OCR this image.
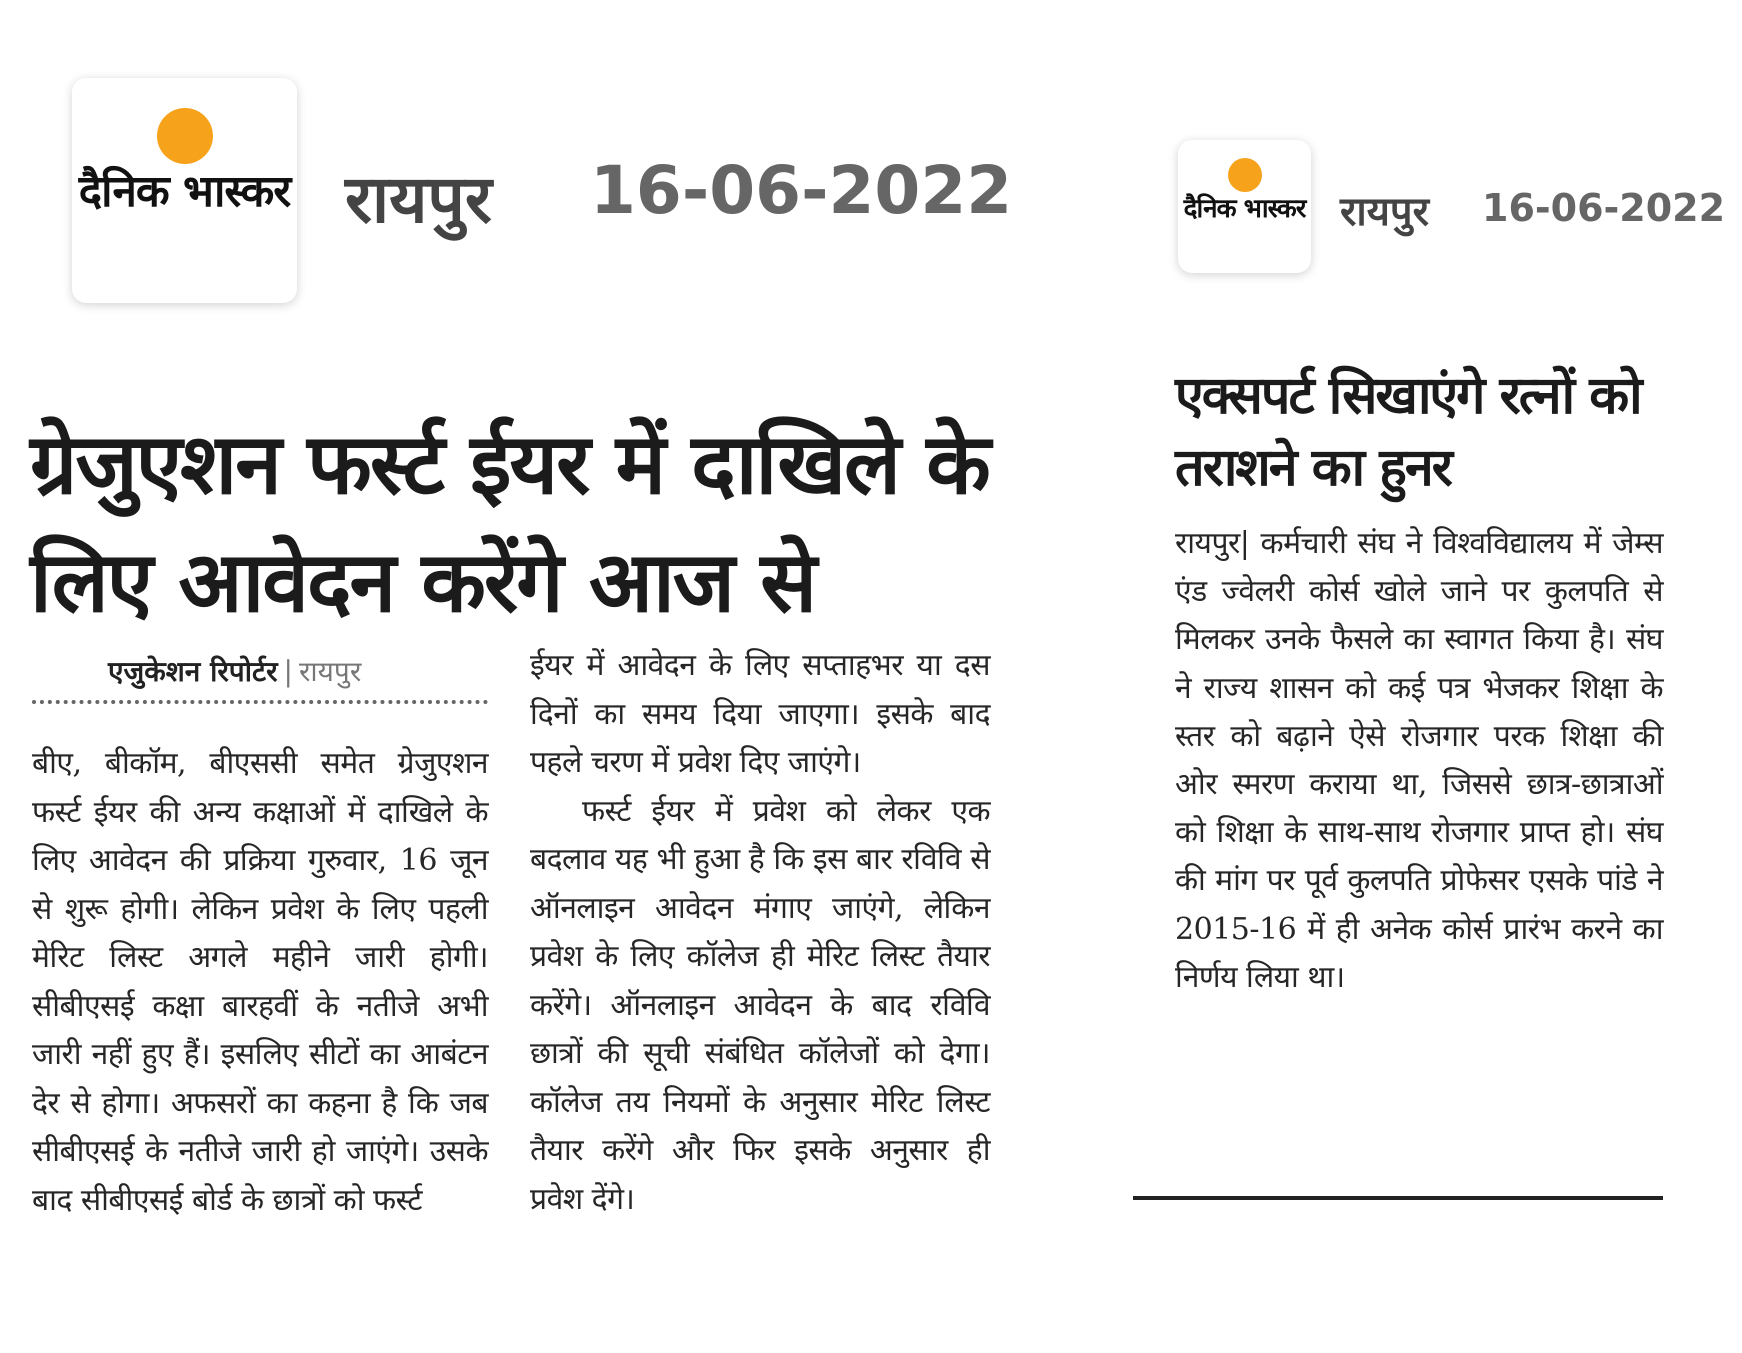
दैनिक भास्कर रायपुर 16-06-2022
ग्रेजुएशन फर्स्ट ईयर में दाखिले के लिए आवेदन करेंगे आज से
एजुकेशन रिपोर्टर | रायपुर

बीए, बीकॉम, बीएससी समेत ग्रेजुएशन फर्स्ट ईयर की अन्य कक्षाओं में दाखिले के लिए आवेदन की प्रक्रिया गुरुवार, 16 जून से शुरू होगी। लेकिन प्रवेश के लिए पहली मेरिट लिस्ट अगले महीने जारी होगी। सीबीएसई कक्षा बारहवीं के नतीजे अभी जारी नहीं हुए हैं। इसलिए सीटों का आबंटन देर से होगा। अफसरों का कहना है कि जब सीबीएसई के नतीजे जारी हो जाएंगे। उसके बाद सीबीएसई बोर्ड के छात्रों को फर्स्ट

ईयर में आवेदन के लिए सप्ताहभर या दस दिनों का समय दिया जाएगा। इसके बाद पहले चरण में प्रवेश दिए जाएंगे।

फर्स्ट ईयर में प्रवेश को लेकर एक बदलाव यह भी हुआ है कि इस बार रविवि से ऑनलाइन आवेदन मंगाए जाएंगे, लेकिन प्रवेश के लिए कॉलेज ही मेरिट लिस्ट तैयार करेंगे। ऑनलाइन आवेदन के बाद रविवि छात्रों की सूची संबंधित कॉलेजों को देगा। कॉलेज तय नियमों के अनुसार मेरिट लिस्ट तैयार करेंगे और फिर इसके अनुसार ही प्रवेश देंगे।

दैनिक भास्कर रायपुर 16-06-2022
एक्सपर्ट सिखाएंगे रत्नों को तराशने का हुनर

रायपुर| कर्मचारी संघ ने विश्वविद्यालय में जेम्स एंड ज्वेलरी कोर्स खोले जाने पर कुलपति से मिलकर उनके फैसले का स्वागत किया है। संघ ने राज्य शासन को कई पत्र भेजकर शिक्षा के स्तर को बढ़ाने ऐसे रोजगार परक शिक्षा की ओर स्मरण कराया था, जिससे छात्र-छात्राओं को शिक्षा के साथ-साथ रोजगार प्राप्त हो। संघ की मांग पर पूर्व कुलपति प्रोफेसर एसके पांडे ने 2015-16 में ही अनेक कोर्स प्रारंभ करने का निर्णय लिया था।
